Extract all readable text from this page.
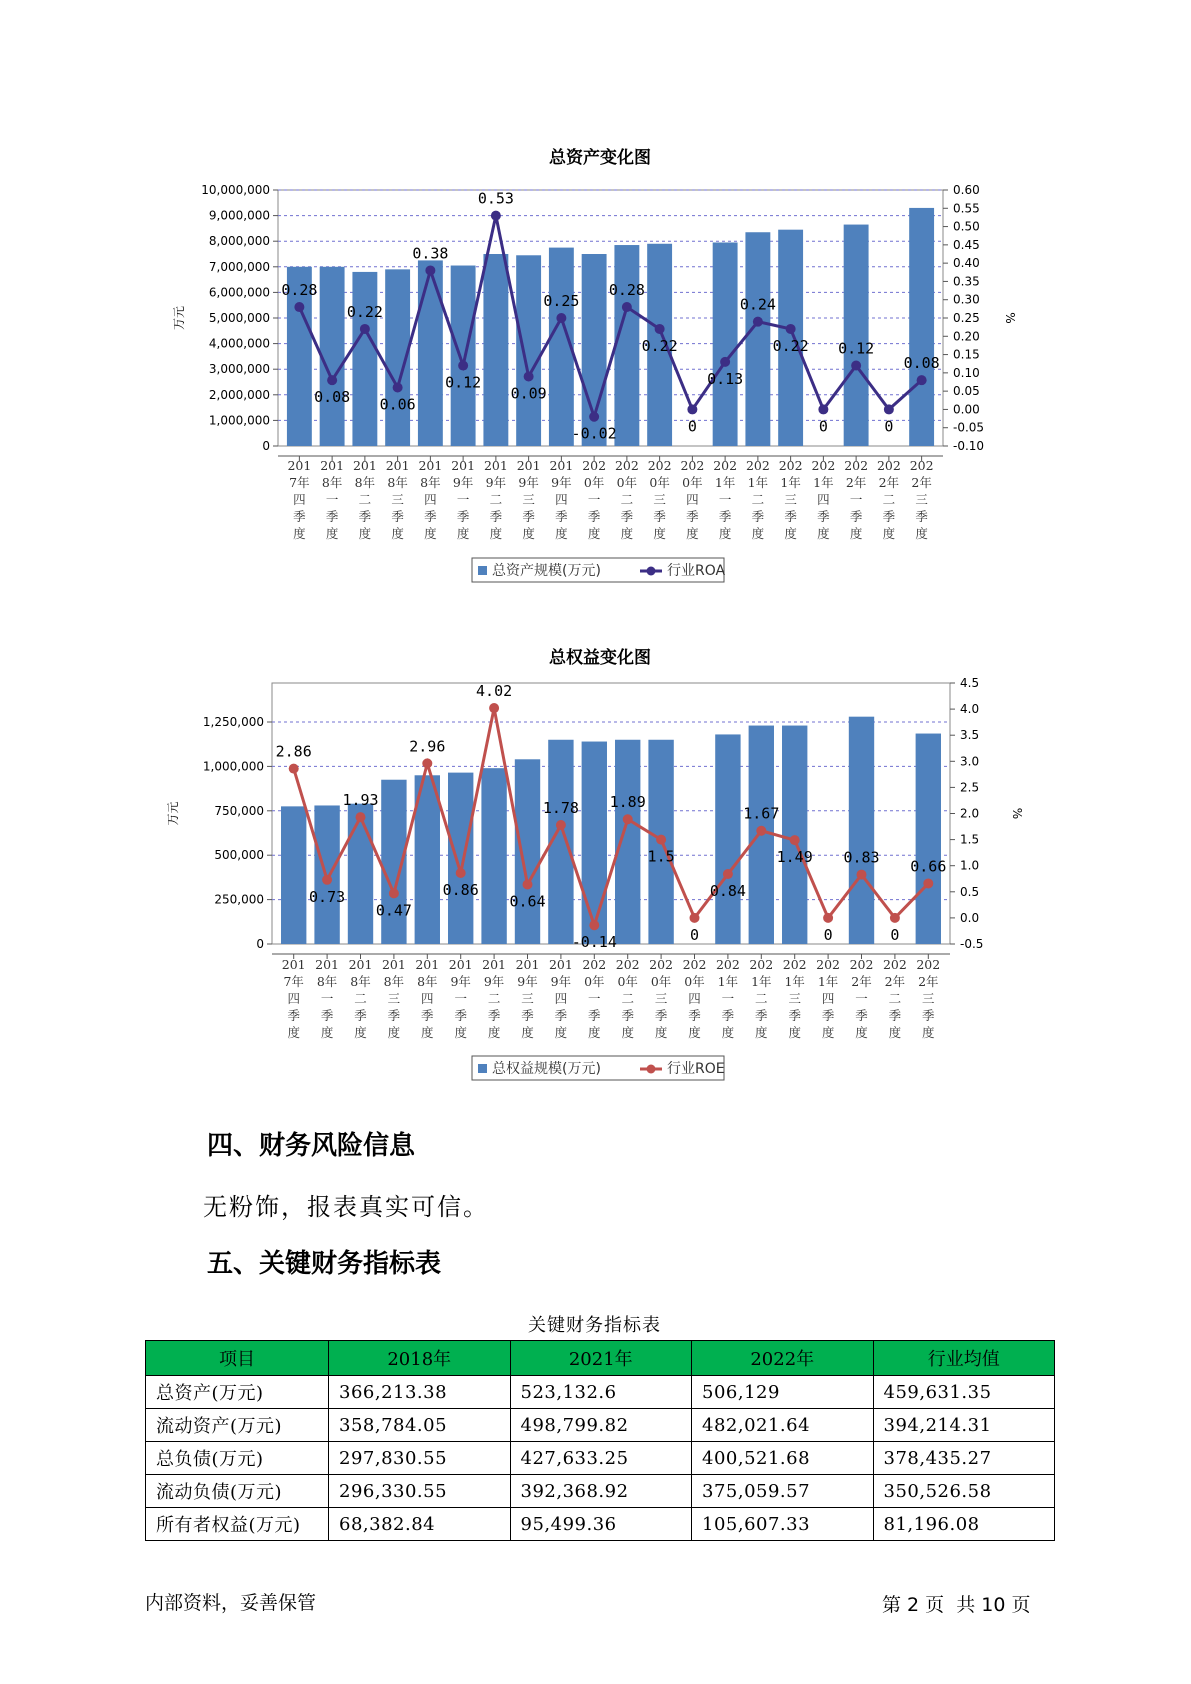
总资产变化图
0
1,000,000
2,000,000
3,000,000
4,000,000
5,000,000
6,000,000
7,000,000
8,000,000
9,000,000
10,000,000
-0.10
-0.05
0.00
0.05
0.10
0.15
0.20
0.25
0.30
0.35
0.40
0.45
0.50
0.55
0.60
万元	%
201
7年
四
季
度
201
8年
一
季
度
201
8年
二
季
度
201
8年
三
季
度
201
8年
四
季
度
201
9年
一
季
度
201
9年
二
季
度
201
9年
三
季
度
201
9年
四
季
度
202
0年
一
季
度
202
0年
二
季
度
202
0年
三
季
度
202
0年
四
季
度
202
1年
一
季
度
202
1年
二
季
度
202
1年
三
季
度
202
1年
四
季
度
202
2年
一
季
度
202
2年
二
季
度
202
2年
三
季
度
0.28
0.08
0.22
0.06
0.38
0.12
0.53
0.09
0.25
-0.02
0.28
0.22
0
0.13
0.24
0.22
0
0.12
0
0.08
总资产规模(万元)	行业ROA
总权益变化图
0
250,000
500,000
750,000
1,000,000
1,250,000
-0.5
0.0
0.5
1.0
1.5
2.0
2.5
3.0
3.5
4.0
4.5
万元	%
201
7年
四
季
度
201
8年
一
季
度
201
8年
二
季
度
201
8年
三
季
度
201
8年
四
季
度
201
9年
一
季
度
201
9年
二
季
度
201
9年
三
季
度
201
9年
四
季
度
202
0年
一
季
度
202
0年
二
季
度
202
0年
三
季
度
202
0年
四
季
度
202
1年
一
季
度
202
1年
二
季
度
202
1年
三
季
度
202
1年
四
季
度
202
2年
一
季
度
202
2年
二
季
度
202
2年
三
季
度
2.86
0.73
1.93
0.47
2.96
0.86
4.02
0.64
1.78
-0.14
1.89
1.5
0
0.84
1.67
1.49
0
0.83
0
0.66
总权益规模(万元)	行业ROE
四、财务风险信息
无粉饰，报表真实可信。
五、关键财务指标表
关键财务指标表
项目	2018年	2021年	2022年	行业均值
总资产(万元)	366,213.38	523,132.6	506,129	459,631.35
流动资产(万元)	358,784.05	498,799.82	482,021.64	394,214.31
总负债(万元)	297,830.55	427,633.25	400,521.68	378,435.27
流动负债(万元)	296,330.55	392,368.92	375,059.57	350,526.58
所有者权益(万元)	68,382.84	95,499.36	105,607.33	81,196.08
内部资料，妥善保管	第 2 页  共 10 页
